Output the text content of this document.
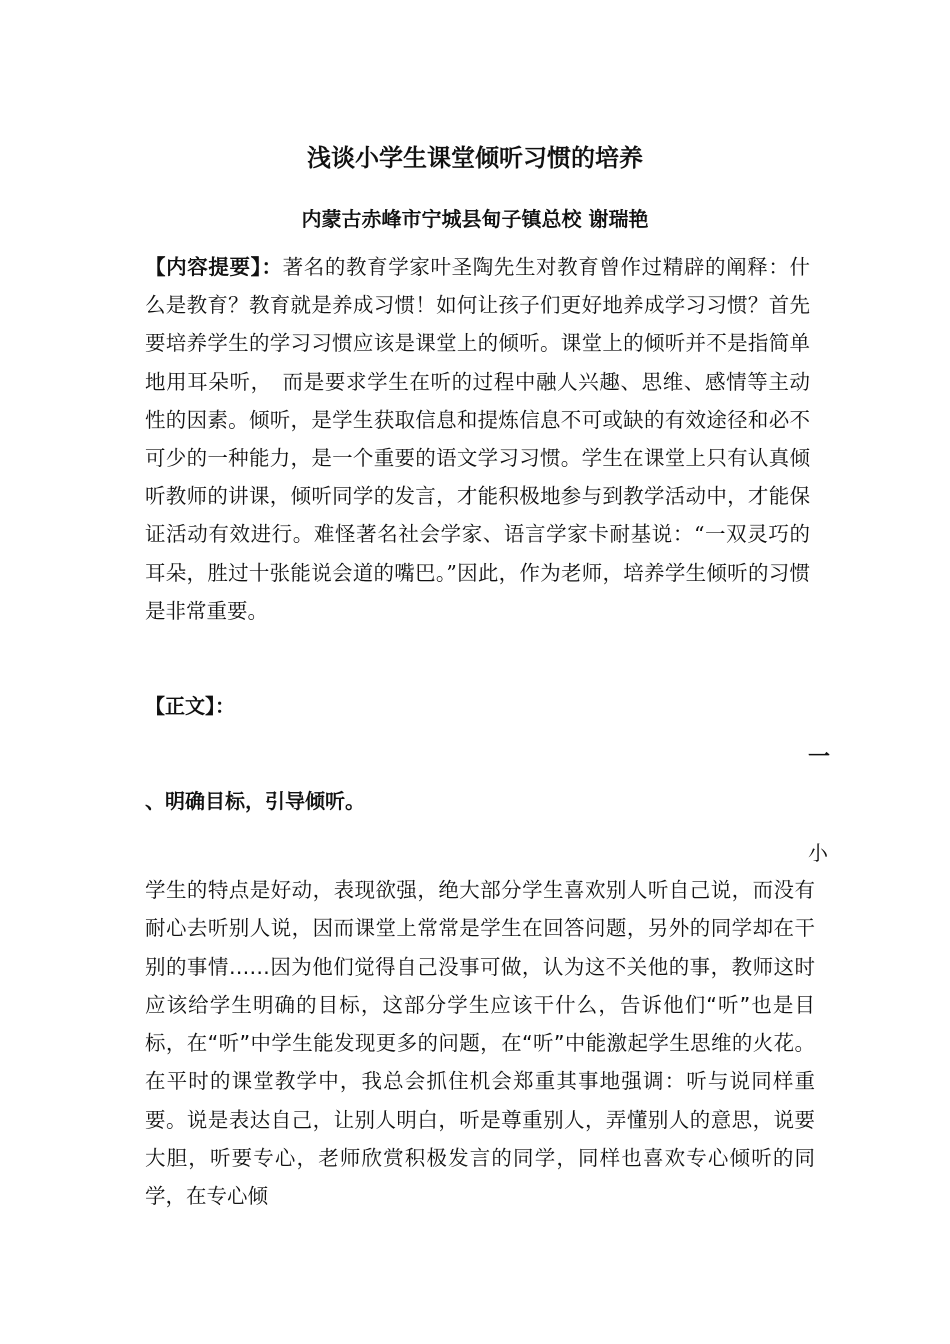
浅谈小学生课堂倾听习惯的培养
内蒙古赤峰市宁城县甸子镇总校 谢瑞艳
【内容提要】：著名的教育学家叶圣陶先生对教育曾作过精辟的阐释：什么是教育？教育就是养成习惯！如何让孩子们更好地养成学习习惯？首先要培养学生的学习习惯应该是课堂上的倾听。课堂上的倾听并不是指简单地用耳朵听，　而是要求学生在听的过程中融人兴趣、思维、感情等主动性的因素。倾听，是学生获取信息和提炼信息不可或缺的有效途径和必不可少的一种能力，是一个重要的语文学习习惯。学生在课堂上只有认真倾听教师的讲课，倾听同学的发言，才能积极地参与到教学活动中，才能保证活动有效进行。难怪著名社会学家、语言学家卡耐基说：“一双灵巧的耳朵，胜过十张能说会道的嘴巴。”因此，作为老师，培养学生倾听的习惯是非常重要。
【正文】：
一
、明确目标，引导倾听。
小
学生的特点是好动，表现欲强，绝大部分学生喜欢别人听自己说，而没有耐心去听别人说，因而课堂上常常是学生在回答问题，另外的同学却在干别的事情……因为他们觉得自己没事可做，认为这不关他的事，教师这时应该给学生明确的目标，这部分学生应该干什么，告诉他们“听”也是目标，在“听”中学生能发现更多的问题，在“听”中能激起学生思维的火花。在平时的课堂教学中，我总会抓住机会郑重其事地强调：听与说同样重要。说是表达自己，让别人明白，听是尊重别人，弄懂别人的意思，说要大胆，听要专心，老师欣赏积极发言的同学，同样也喜欢专心倾听的同学，在专心倾
